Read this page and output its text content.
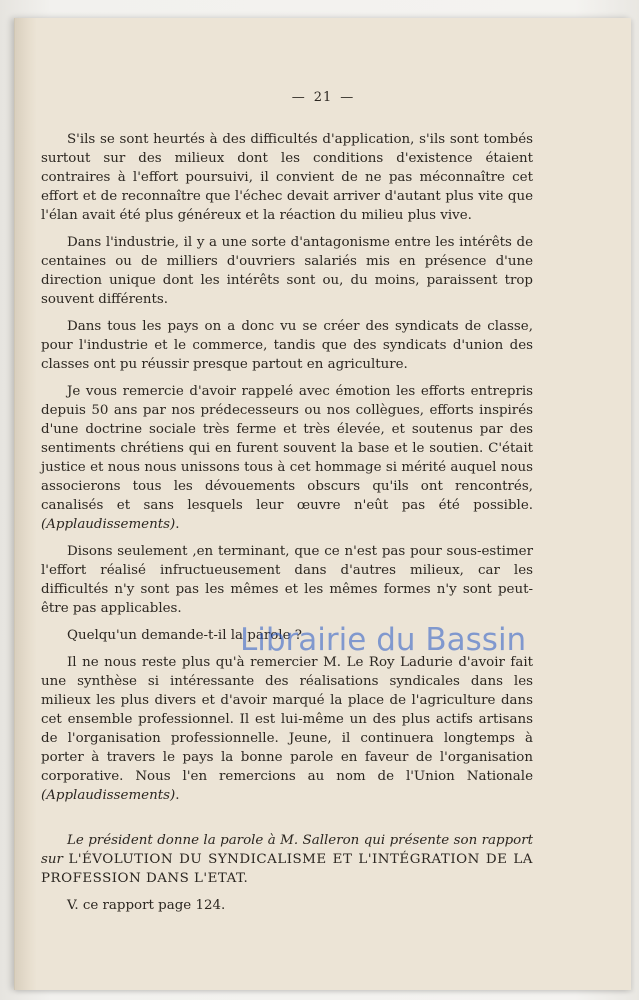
— 21 —

S'ils se sont heurtés à des difficultés d'application, s'ils sont tombés surtout sur des milieux dont les conditions d'existence étaient contraires à l'effort poursuivi, il convient de ne pas méconnaître cet effort et de reconnaître que l'échec devait arriver d'autant plus vite que l'élan avait été plus généreux et la réaction du milieu plus vive.

Dans l'industrie, il y a une sorte d'antagonisme entre les intérêts de centaines ou de milliers d'ouvriers salariés mis en présence d'une direction unique dont les intérêts sont ou, du moins, paraissent trop souvent différents.

Dans tous les pays on a donc vu se créer des syndicats de classe, pour l'industrie et le commerce, tandis que des syndicats d'union des classes ont pu réussir presque partout en agriculture.

Je vous remercie d'avoir rappelé avec émotion les efforts entrepris depuis 50 ans par nos prédecesseurs ou nos collègues, efforts inspirés d'une doctrine sociale très ferme et très élevée, et soutenus par des sentiments chrétiens qui en furent souvent la base et le soutien. C'était justice et nous nous unissons tous à cet hommage si mérité auquel nous associerons tous les dévouements obscurs qu'ils ont rencontrés, canalisés et sans lesquels leur œuvre n'eût pas été possible. (Applaudissements).

Disons seulement ,en terminant, que ce n'est pas pour sous-estimer l'effort réalisé infructueusement dans d'autres milieux, car les difficultés n'y sont pas les mêmes et les mêmes formes n'y sont peut-être pas applicables.

Quelqu'un demande-t-il la parole ?

Il ne nous reste plus qu'à remercier M. Le Roy Ladurie d'avoir fait une synthèse si intéressante des réalisations syndicales dans les milieux les plus divers et d'avoir marqué la place de l'agriculture dans cet ensemble professionnel. Il est lui-même un des plus actifs artisans de l'organisation professionnelle. Jeune, il continuera longtemps à porter à travers le pays la bonne parole en faveur de l'organisation corporative. Nous l'en remercions au nom de l'Union Nationale (Applaudissements).

Le président donne la parole à M. Salleron qui présente son rapport sur L'ÉVOLUTION DU SYNDICALISME ET L'INTÉGRATION DE LA PROFESSION DANS L'ETAT.

V. ce rapport page 124.

Librairie du Bassin
